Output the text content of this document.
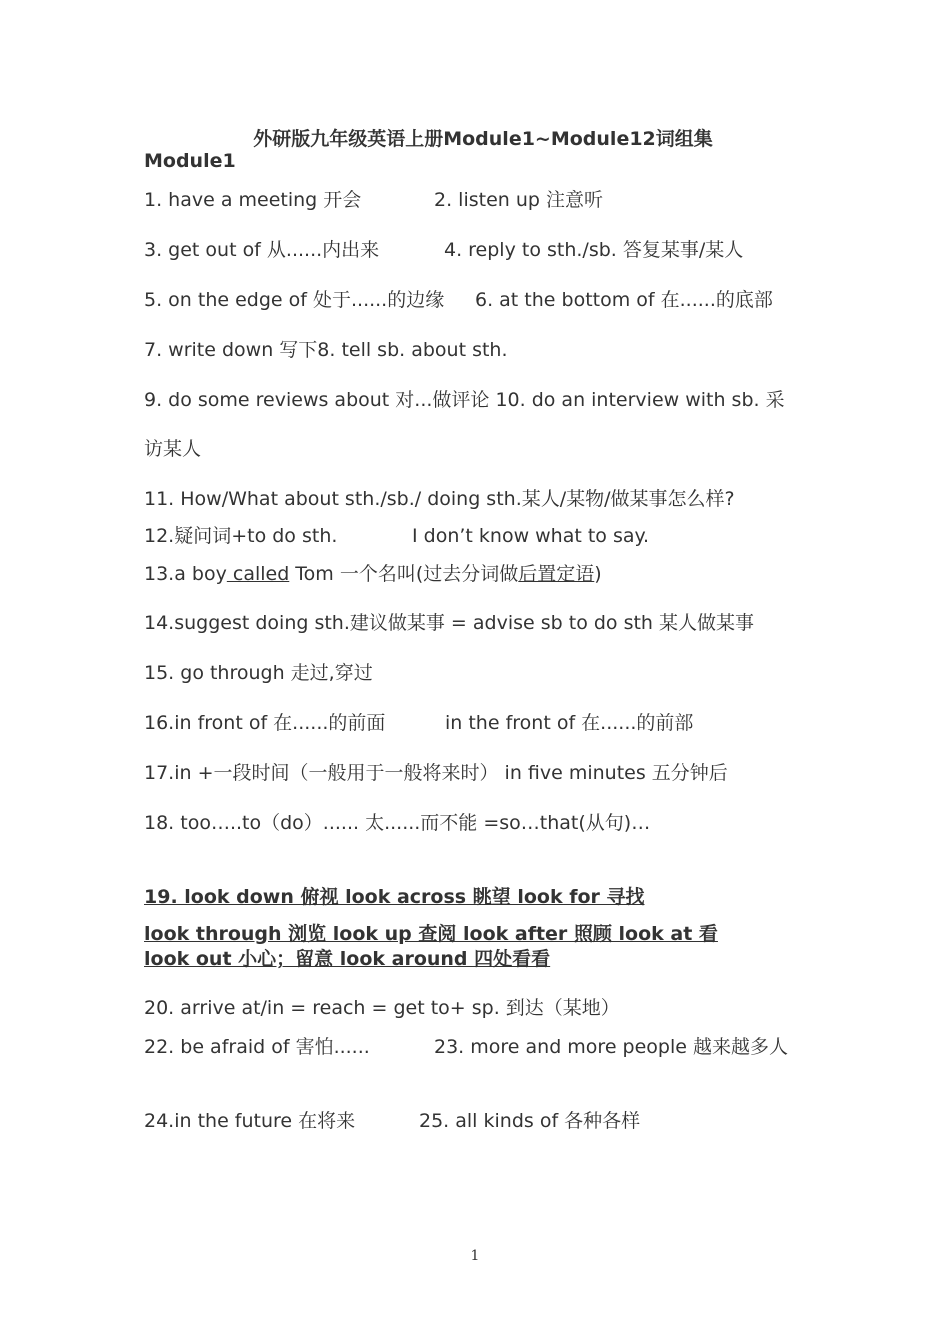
外研版九年级英语上册Module1~Module12词组集
Module1
1. have a meeting 开会	2. listen up 注意听
3. get out of 从......内出来	4. reply to sth./sb. 答复某事/某人
5. on the edge of 处于......的边缘 6. at the bottom of 在......的底部
7. write down 写下8. tell sb. about sth.
9. do some reviews about 对...做评论 10. do an interview with sb. 采
访某人
11. How/What about sth./sb./ doing sth.某人/某物/做某事怎么样?
12.疑问词+to do sth.	I don’t know what to say.
13.a boy called Tom 一个名叫(过去分词做后置定语)
14.suggest doing sth.建议做某事 = advise sb to do sth 某人做某事
15. go through 走过,穿过
16.in front of 在......的前面	in the front of 在......的前部
17.in +一段时间（一般用于一般将来时） in five minutes 五分钟后
18. too…..to（do）...... 太......而不能 =so…that(从句)…
19. look down 俯视 look across 眺望 look for 寻找
look through 浏览 look up 查阅 look after 照顾 look at 看
look out 小心；留意 look around 四处看看
20. arrive at/in = reach = get to+ sp. 到达（某地）
22. be afraid of 害怕......	23. more and more people 越来越多人
24.in the future 在将来	25. all kinds of 各种各样
1
